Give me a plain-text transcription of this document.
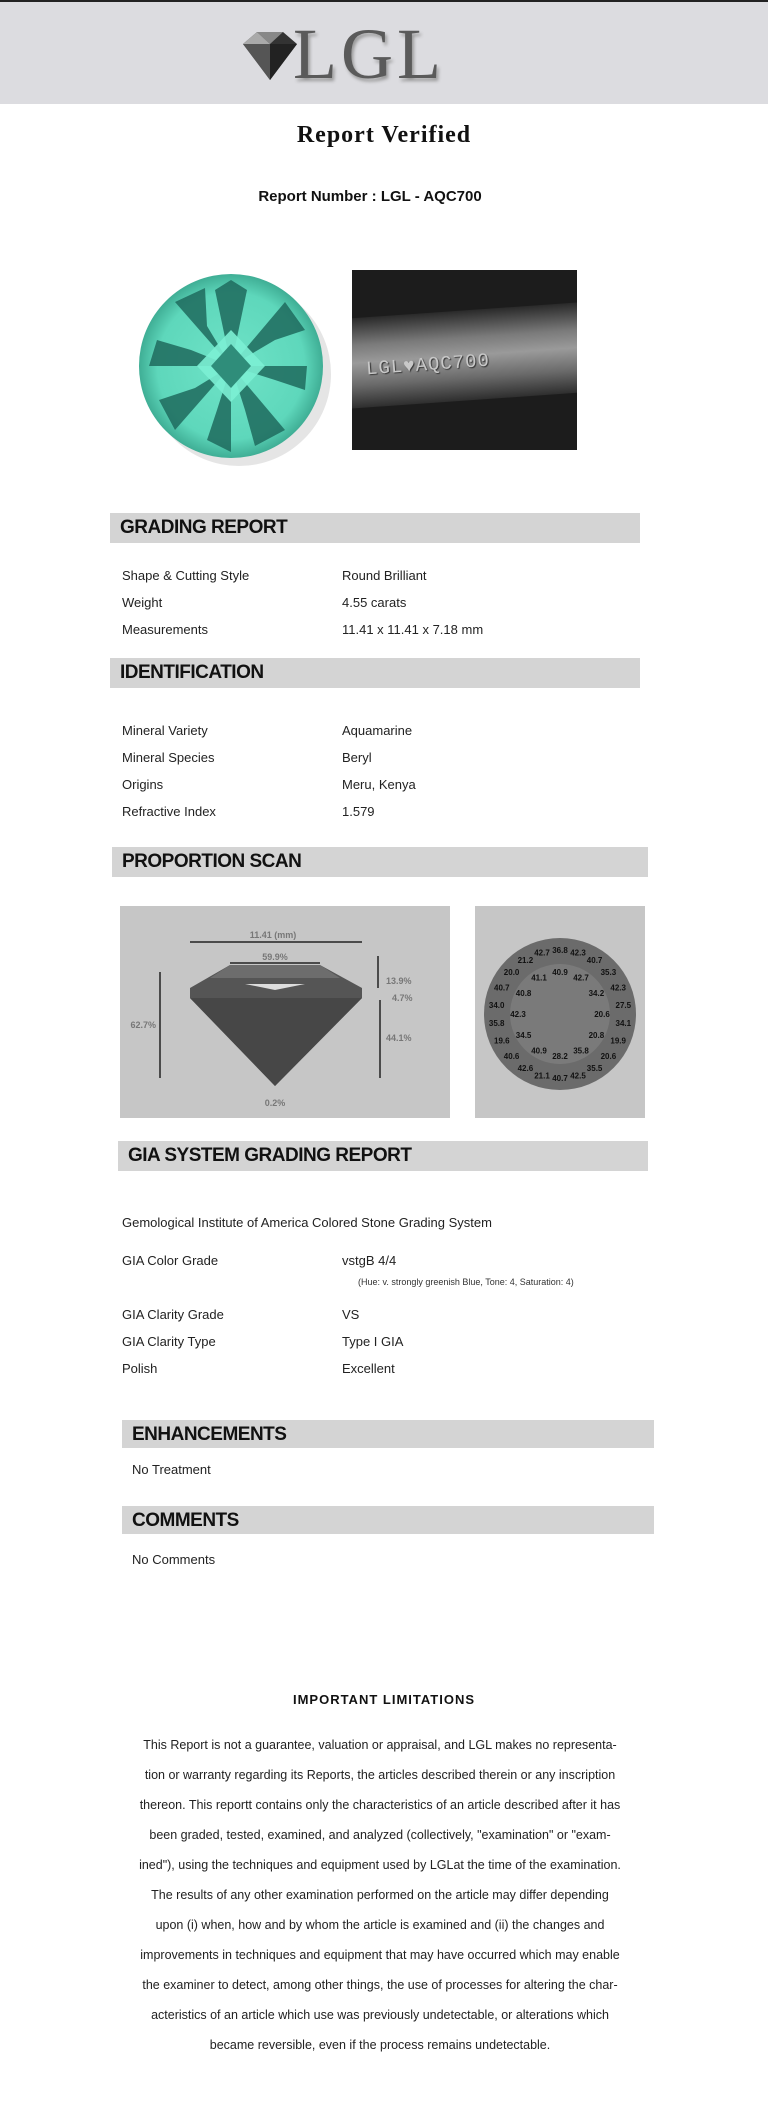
LGL
Report Verified
Report Number : LGL - AQC700
LGL♥AQC700
GRADING REPORT
Shape & Cutting Style	Round Brilliant
Weight	4.55 carats
Measurements	11.41 x 11.41 x 7.18 mm
IDENTIFICATION
Mineral Variety	Aquamarine
Mineral Species	Beryl
Origins	Meru, Kenya
Refractive Index	1.579
PROPORTION SCAN
11.41 (mm)
59.9%
62.7%
13.9%
4.7%
44.1%
0.2%
36.8 42.3
40.7
35.3
42.3
27.5
34.1
19.9
20.6
35.5
42.5
40.7
21.1
42.6
40.6
19.6
35.8
34.0
40.7
20.0
21.2
42.7
40.9
42.7
34.2
20.6
20.8
35.8
28.2
40.9
34.5
42.3
40.8
41.1
GIA SYSTEM GRADING REPORT
Gemological Institute of America Colored Stone Grading System
GIA Color Grade	vstgB 4/4
(Hue: v. strongly greenish Blue, Tone: 4, Saturation: 4)
GIA Clarity Grade	VS
GIA Clarity Type	Type I GIA
Polish	Excellent
ENHANCEMENTS
No Treatment
COMMENTS
No Comments
IMPORTANT LIMITATIONS
This Report is not a guarantee, valuation or appraisal, and LGL makes no representa-
tion or warranty regarding its Reports, the articles described therein or any inscription
thereon. This reportt contains only the characteristics of an article described after it has
been graded, tested, examined, and analyzed (collectively, "examination" or "exam-
ined"), using the techniques and equipment used by LGLat the time of the examination.
The results of any other examination performed on the article may differ depending
upon (i) when, how and by whom the article is examined and (ii) the changes and
improvements in techniques and equipment that may have occurred which may enable
the examiner to detect, among other things, the use of processes for altering the char-
acteristics of an article which use was previously undetectable, or alterations which
became reversible, even if the process remains undetectable.
